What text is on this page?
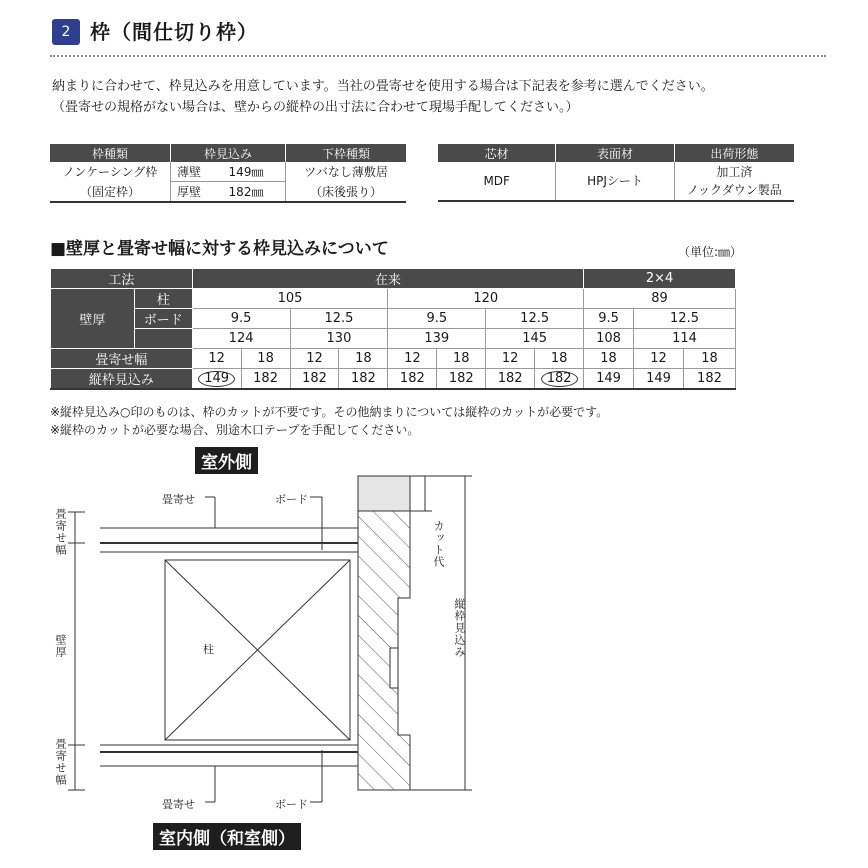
2 枠（間仕切り枠）
納まりに合わせて、枠見込みを用意しています。当社の畳寄せを使用する場合は下記表を参考に選んでください。
（畳寄せの規格がない場合は、壁からの縦枠の出寸法に合わせて現場手配してください。）
枠種類	枠見込み		下枠種類
ノンケーシング枠	薄壁	149㎜	ツバなし薄敷居
（固定枠）	厚壁	182㎜	（床後張り）
芯材	表面材	出荷形態
MDF	HPJシート	加工済
ノックダウン製品
■壁厚と畳寄せ幅に対する枠見込みについて	（単位:㎜）
工法		在来								2×4		
壁厚	柱	105				120				89		
	ボード	9.5		12.5		9.5		12.5		9.5	12.5	
		124		130		139		145		108	114	
畳寄せ幅		12	18	12	18	12	18	12	18	18	12	18
縦枠見込み		149	182	182	182	182	182	182	182	149	149	182
※縦枠見込み○印のものは、枠のカットが不要です。その他納まりについては縦枠のカットが必要です。
※縦枠のカットが必要な場合、別途木口テープを手配してください。
室外側
室内側（和室側）
畳寄せ	ボード
畳寄せ	ボード
柱
畳寄せ幅
壁厚
畳寄せ幅
カット代
縦枠見込み
